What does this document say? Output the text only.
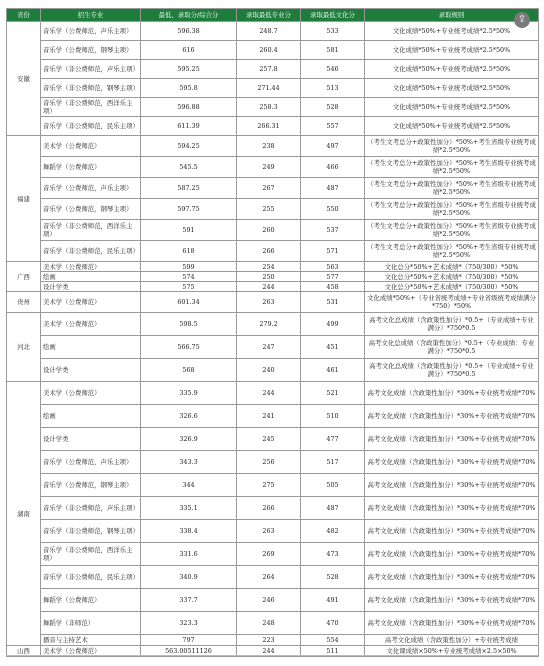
省份	招生专业	最低、录取分/综合分	录取最低专业分	录取最低文化分	录取规则
安徽	音乐学（公费师范，声乐主项）	596.38	248.7	533	文化成绩*50%+专业统考成绩*2.5*50%
	音乐学（公费师范，钢琴主项）	616	260.4	581	文化成绩*50%+专业统考成绩*2.5*50%
	音乐学（非公费师范，声乐主项）	595.25	257.8	546	文化成绩*50%+专业统考成绩*2.5*50%
	音乐学（非公费师范，钢琴主项）	595.8	271.44	513	文化成绩*50%+专业统考成绩*2.5*50%
	音乐学（非公费师范，西洋乐主项）	596.88	258.3	528	文化成绩*50%+专业统考成绩*2.5*50%
	音乐学（非公费师范，民乐主项）	611.39	266.31	557	文化成绩*50%+专业统考成绩*2.5*50%
福建	美术学（公费师范）	594.25	238	497	（考生文考总分+政策性加分）*50%+考生省级专业统考成绩*2.5*50%
	舞蹈学（公费师范）	545.5	249	466	（考生文考总分+政策性加分）*50%+考生省级专业统考成绩*2.5*50%
	音乐学（公费师范，声乐主项）	587.25	267	487	（考生文考总分+政策性加分）*50%+考生省级专业统考成绩*2.5*50%
	音乐学（公费师范，钢琴主项）	597.75	255	550	（考生文考总分+政策性加分）*50%+考生省级专业统考成绩*2.5*50%
	音乐学（非公费师范，西洋乐主项）	591	260	537	（考生文考总分+政策性加分）*50%+考生省级专业统考成绩*2.5*50%
	音乐学（非公费师范，民乐主项）	618	266	571	（考生文考总分+政策性加分）*50%+考生省级专业统考成绩*2.5*50%
广西	美术学（公费师范）	599	254	563	文化总分*50%+艺术成绩*（750/300）*50%
	绘画	574	250	577	文化总分*50%+艺术成绩*（750/300）*50%
	设计学类	575	244	458	文化总分*50%+艺术成绩*（750/300）*50%
贵州	美术学（公费师范）	601.34	263	531	文化成绩*50%+（专业省统考成绩÷专业省级统考成绩满分*750）*50%
河北	美术学（公费师范）	598.5	279.2	499	高考文化总成绩（含政策性加分）*0.5+（专业成绩÷专业满分）*750*0.5
	绘画	566.75	247	451	高考文化总成绩（含政策性加分）*0.5+（专业成绩：专业满分）*750*0.5
	设计学类	568	240	461	高考文化总成绩（含政策性加分）*0.5+（专业成绩÷专业满分）*750*0.5
湖南	美术学（公费师范）	335.9	244	521	高考文化成绩（含政策性加分）*30%+专业统考成绩*70%
	绘画	326.6	241	510	高考文化成绩（含政策性加分）*30%+专业统考成绩*70%
	设计学类	326.9	245	477	高考文化成绩（含政策性加分）*30%+专业统考成绩*70%
	音乐学（公费师范，声乐主项）	343.3	256	517	高考文化成绩（含政策性加分）*30%+专业统考成绩*70%
	音乐学（公费师范，钢琴主项）	344	275	505	高考文化成绩（含政策性加分）*30%+专业统考成绩*70%
	音乐学（非公费师范，声乐主项）	335.1	266	487	高考文化成绩（含政策性加分）*30%+专业统考成绩*70%
	音乐学（非公费师范，钢琴主项）	338.4	263	482	高考文化成绩（含政策性加分）*30%+专业统考成绩*70%
	音乐学（非公费师范，西洋乐主项）	331.6	269	473	高考文化成绩（含政策性加分）*30%+专业统考成绩*70%
	音乐学（非公费师范，民乐主项）	340.9	264	528	高考文化成绩（含政策性加分）*30%+专业统考成绩*70%
	舞蹈学（公费师范）	337.7	246	491	高考文化成绩（含政策性加分）*30%+专业统考成绩*70%
	舞蹈学（非师范）	323.3	248	470	高考文化成绩（含政策性加分）*30%+专业统考成绩*70%
	播音与主持艺术	797	223	554	高考文化成绩（含政策性加分）+专业统考成绩
山西	美术学（公费师范）	563.00511126	244	511	文化课成绩×50%+专业统考成绩×2.5×50%
⇪
